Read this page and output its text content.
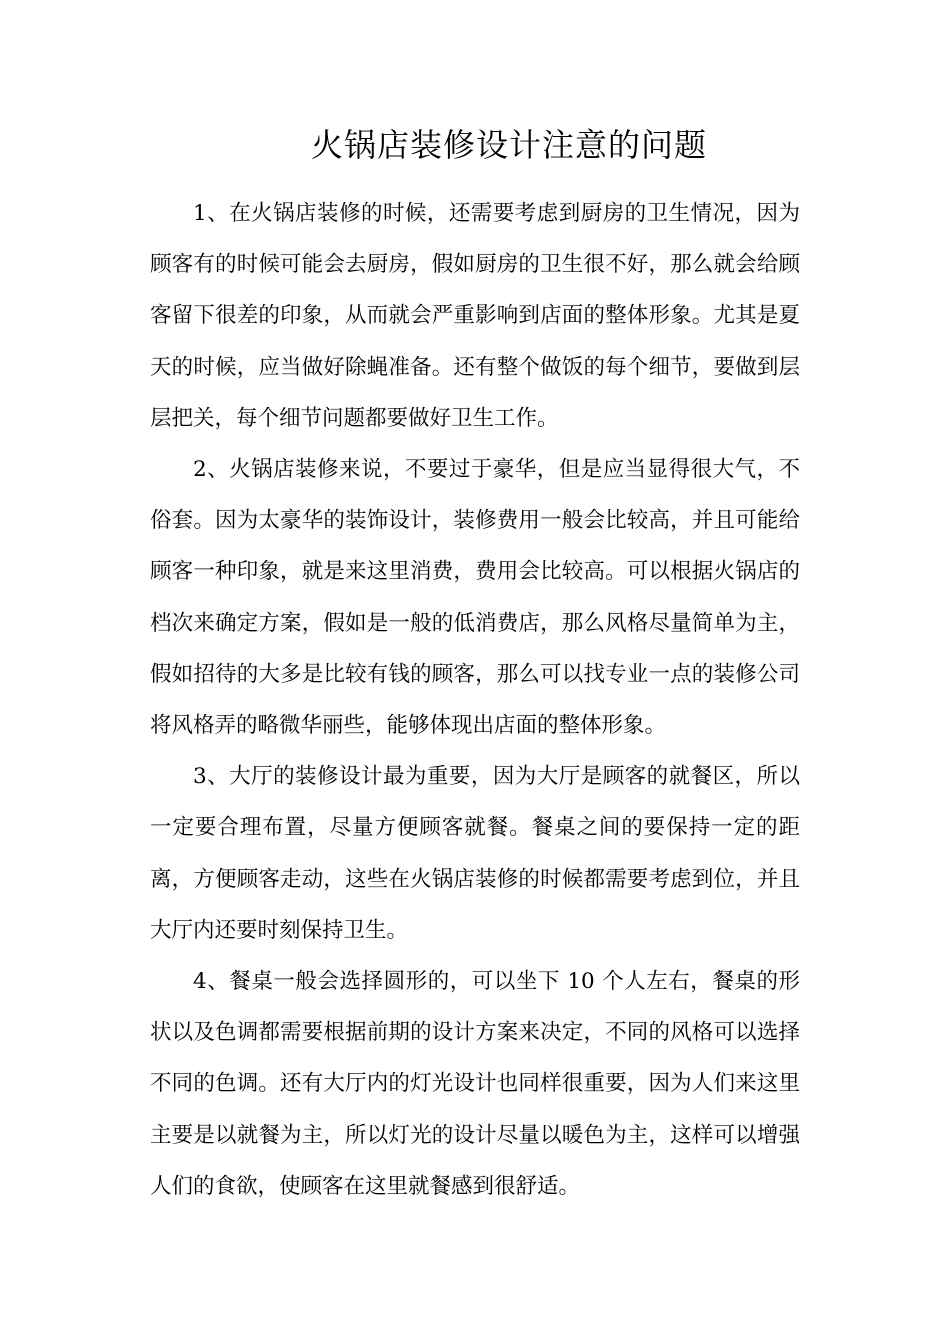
火锅店装修设计注意的问题

1、在火锅店装修的时候，还需要考虑到厨房的卫生情况，因为顾客有的时候可能会去厨房，假如厨房的卫生很不好，那么就会给顾客留下很差的印象，从而就会严重影响到店面的整体形象。尤其是夏天的时候，应当做好除蝇准备。还有整个做饭的每个细节，要做到层层把关，每个细节问题都要做好卫生工作。

2、火锅店装修来说，不要过于豪华，但是应当显得很大气，不俗套。因为太豪华的装饰设计，装修费用一般会比较高，并且可能给顾客一种印象，就是来这里消费，费用会比较高。可以根据火锅店的档次来确定方案，假如是一般的低消费店，那么风格尽量简单为主，假如招待的大多是比较有钱的顾客，那么可以找专业一点的装修公司将风格弄的略微华丽些，能够体现出店面的整体形象。

3、大厅的装修设计最为重要，因为大厅是顾客的就餐区，所以一定要合理布置，尽量方便顾客就餐。餐桌之间的要保持一定的距离，方便顾客走动，这些在火锅店装修的时候都需要考虑到位，并且大厅内还要时刻保持卫生。

4、餐桌一般会选择圆形的，可以坐下 10 个人左右，餐桌的形状以及色调都需要根据前期的设计方案来决定，不同的风格可以选择不同的色调。还有大厅内的灯光设计也同样很重要，因为人们来这里主要是以就餐为主，所以灯光的设计尽量以暖色为主，这样可以增强人们的食欲，使顾客在这里就餐感到很舒适。
